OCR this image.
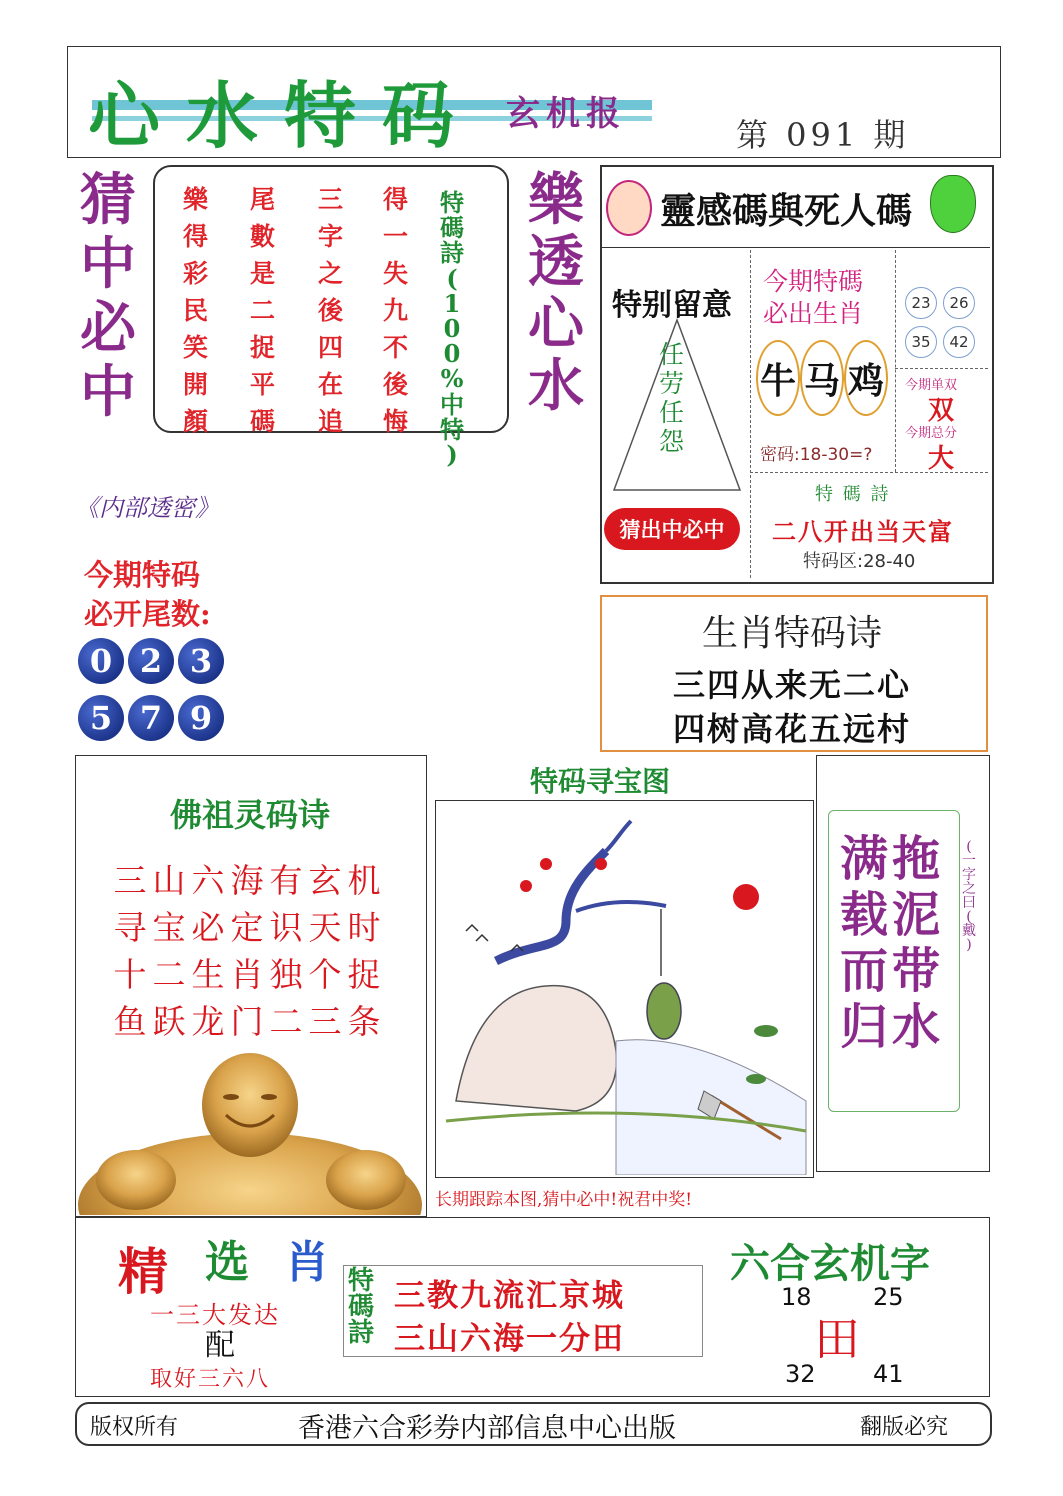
心水特码 玄机报
第 091 期
猜
中
必
中
樂
得
彩
民
笑
開
顏
尾
數
是
二
捉
平
碼
三
字
之
後
四
在
追
得
一
失
九
不
後
悔
特
碼
詩
(
1
0
0
%
中
特
)
樂
透
心
水
《内部透密》
今期特码
必开尾数:
0 2 3
5 7 9
靈感碼與死人碼
特别留意
任
劳
任
怨
猜出中必中
今期特碼
必出生肖
牛 马 鸡
密码:18-30=?
23	26
35	42
今期单双
双
今期总分
大
特 碼 詩
二八开出当天富
特码区:28-40
生肖特码诗
三四从来无二心
四树高花五远村
佛祖灵码诗
三山六海有玄机
寻宝必定识天时
十二生肖独个捉
鱼跃龙门二三条
特码寻宝图
长期跟踪本图,猜中必中!祝君中奖!
拖
泥
带
水
满
载
而
归
(
一
字
之
曰
(
戴
)
精 选 肖
一三大发达
配
取好三六八
特
碼
詩
三教九流汇京城
三山六海一分田
六合玄机字
18	25
田
32 41
版权所有	香港六合彩券内部信息中心出版	翻版必究
